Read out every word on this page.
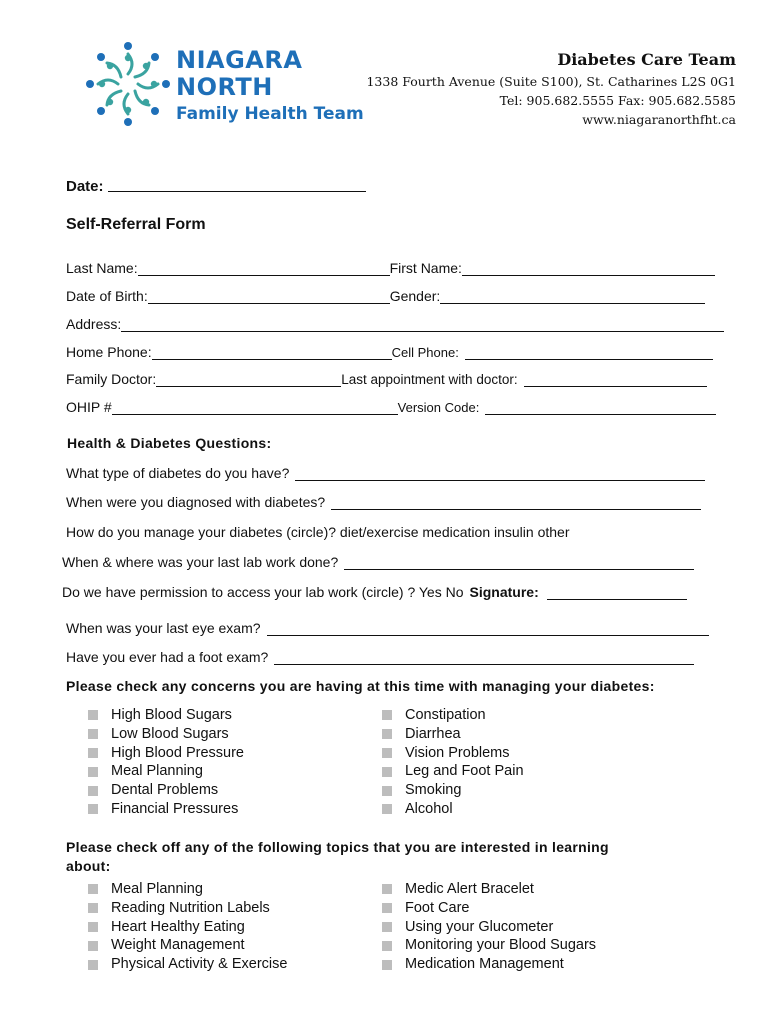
NIAGARA
NORTH
Family Health Team
Diabetes Care Team
1338 Fourth Avenue (Suite S100), St. Catharines L2S 0G1
Tel: 905.682.5555 Fax: 905.682.5585
www.niagaranorthfht.ca
Date:
Self-Referral Form
Last Name:	First Name:
Date of Birth:	Gender:
Address:
Home Phone:	Cell Phone:
Family Doctor:	Last appointment with doctor:
OHIP #	Version Code:
Health & Diabetes Questions:
What type of diabetes do you have?
When were you diagnosed with diabetes?
How do you manage your diabetes (circle)? diet/exercise medication insulin other
When & where was your last lab work done?
Do we have permission to access your lab work (circle) ? Yes No Signature:
When was your last eye exam?
Have you ever had a foot exam?
Please check any concerns you are having at this time with managing your diabetes:
High Blood Sugars
Low Blood Sugars
High Blood Pressure
Meal Planning
Dental Problems
Financial Pressures
Constipation
Diarrhea
Vision Problems
Leg and Foot Pain
Smoking
Alcohol
Please check off any of the following topics that you are interested in learning
about:
Meal Planning
Reading Nutrition Labels
Heart Healthy Eating
Weight Management
Physical Activity & Exercise
Medic Alert Bracelet
Foot Care
Using your Glucometer
Monitoring your Blood Sugars
Medication Management
